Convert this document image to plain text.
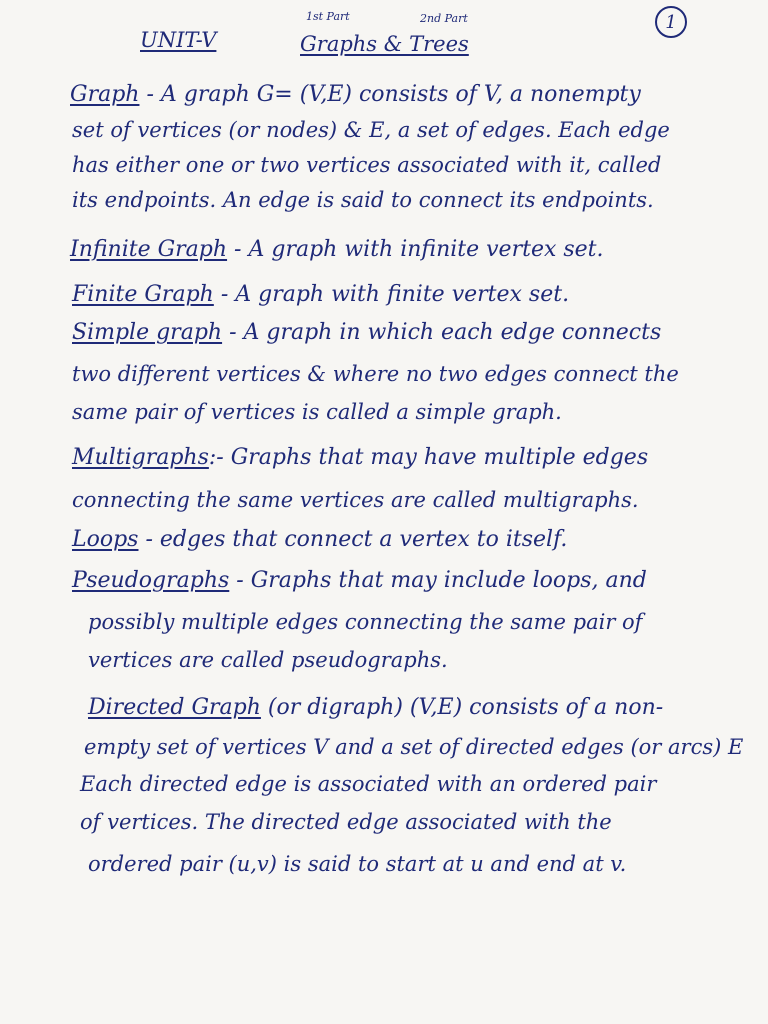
UNIT-V	Graphs & Trees
1st Part	2nd Part	1
Graph - A graph G= (V,E) consists of V, a nonempty
set of vertices (or nodes) & E, a set of edges. Each edge
has either one or two vertices associated with it, called
its endpoints. An edge is said to connect its endpoints.
Infinite Graph - A graph with infinite vertex set.
Finite Graph - A graph with finite vertex set.
Simple graph - A graph in which each edge connects
two different vertices & where no two edges connect the
same pair of vertices is called a simple graph.
Multigraphs:- Graphs that may have multiple edges
connecting the same vertices are called multigraphs.
Loops - edges that connect a vertex to itself.
Pseudographs - Graphs that may include loops, and
possibly multiple edges connecting the same pair of
vertices are called pseudographs.
Directed Graph (or digraph) (V,E) consists of a non-
empty set of vertices V and a set of directed edges (or arcs) E
Each directed edge is associated with an ordered pair
of vertices. The directed edge associated with the
ordered pair (u,v) is said to start at u and end at v.
